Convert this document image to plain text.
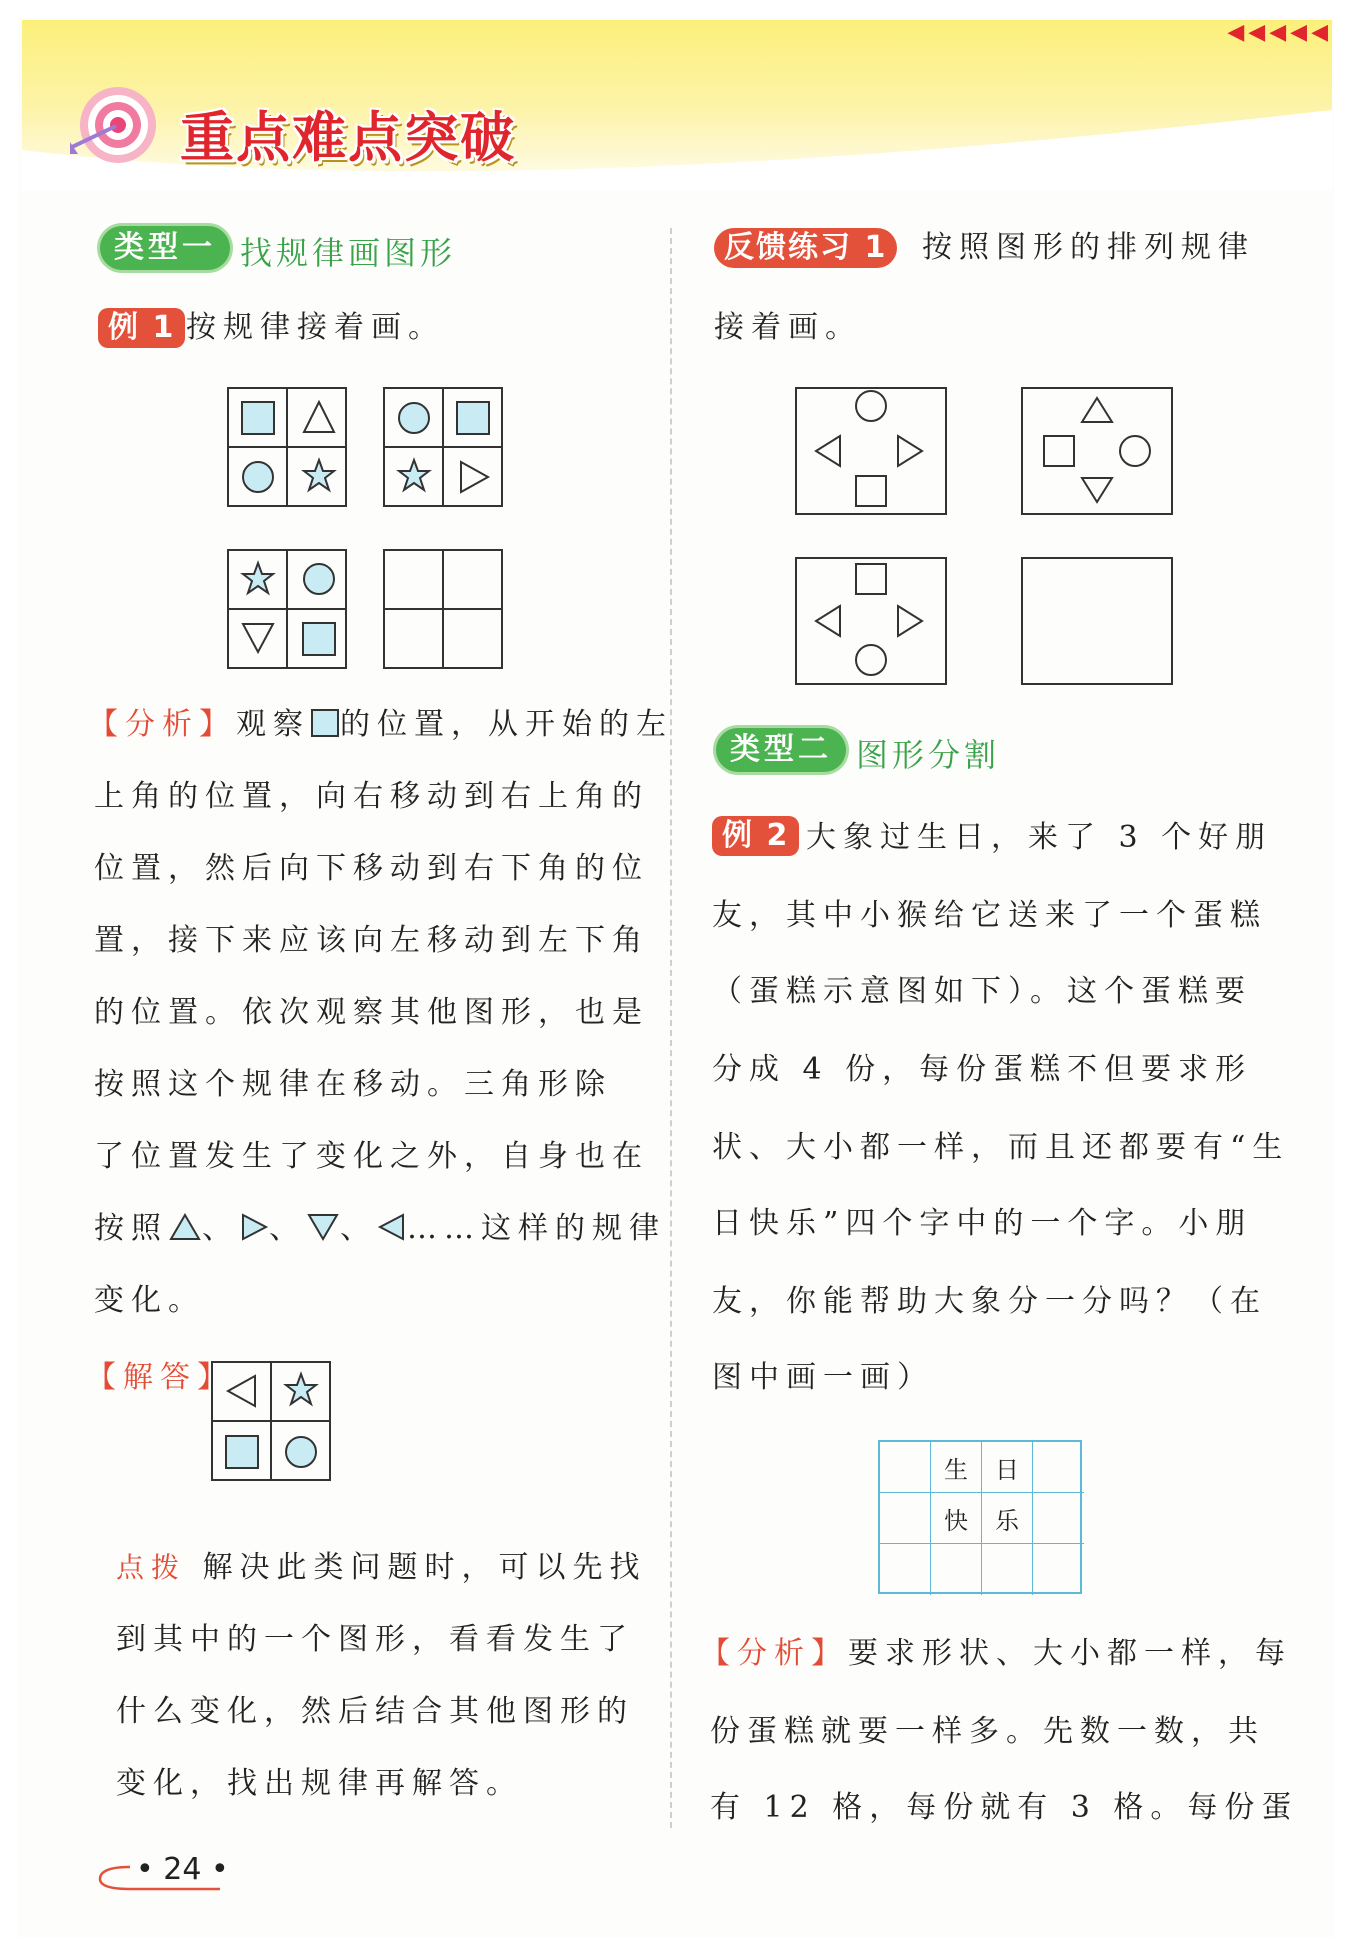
◀◀◀◀◀
重点难点突破
类型一 找规律画图形
例 1 按规律接着画。
【分析】观察 的位置，从开始的左
上角的位置，向右移动到右上角的
位置，然后向下移动到右下角的位
置，接下来应该向左移动到左下角
的位置。依次观察其他图形，也是
按照这个规律在移动。三角形除
了位置发生了变化之外，自身也在
按照 、 、 、 ……这样的规律
变化。
【解答】
点拨 解决此类问题时，可以先找
到其中的一个图形，看看发生了
什么变化，然后结合其他图形的
变化，找出规律再解答。
• 24 •
反馈练习 1	按照图形的排列规律
接着画。
类型二 图形分割
例 2 大象过生日，来了 3 个好朋
友，其中小猴给它送来了一个蛋糕
（蛋糕示意图如下）。这个蛋糕要
分成 4 份，每份蛋糕不但要求形
状、大小都一样，而且还都要有“生
日快乐”四个字中的一个字。小朋
友，你能帮助大象分一分吗？（在
图中画一画）
生	日
快	乐
【分析】要求形状、大小都一样，每
份蛋糕就要一样多。先数一数，共
有 12 格，每份就有 3 格。每份蛋
